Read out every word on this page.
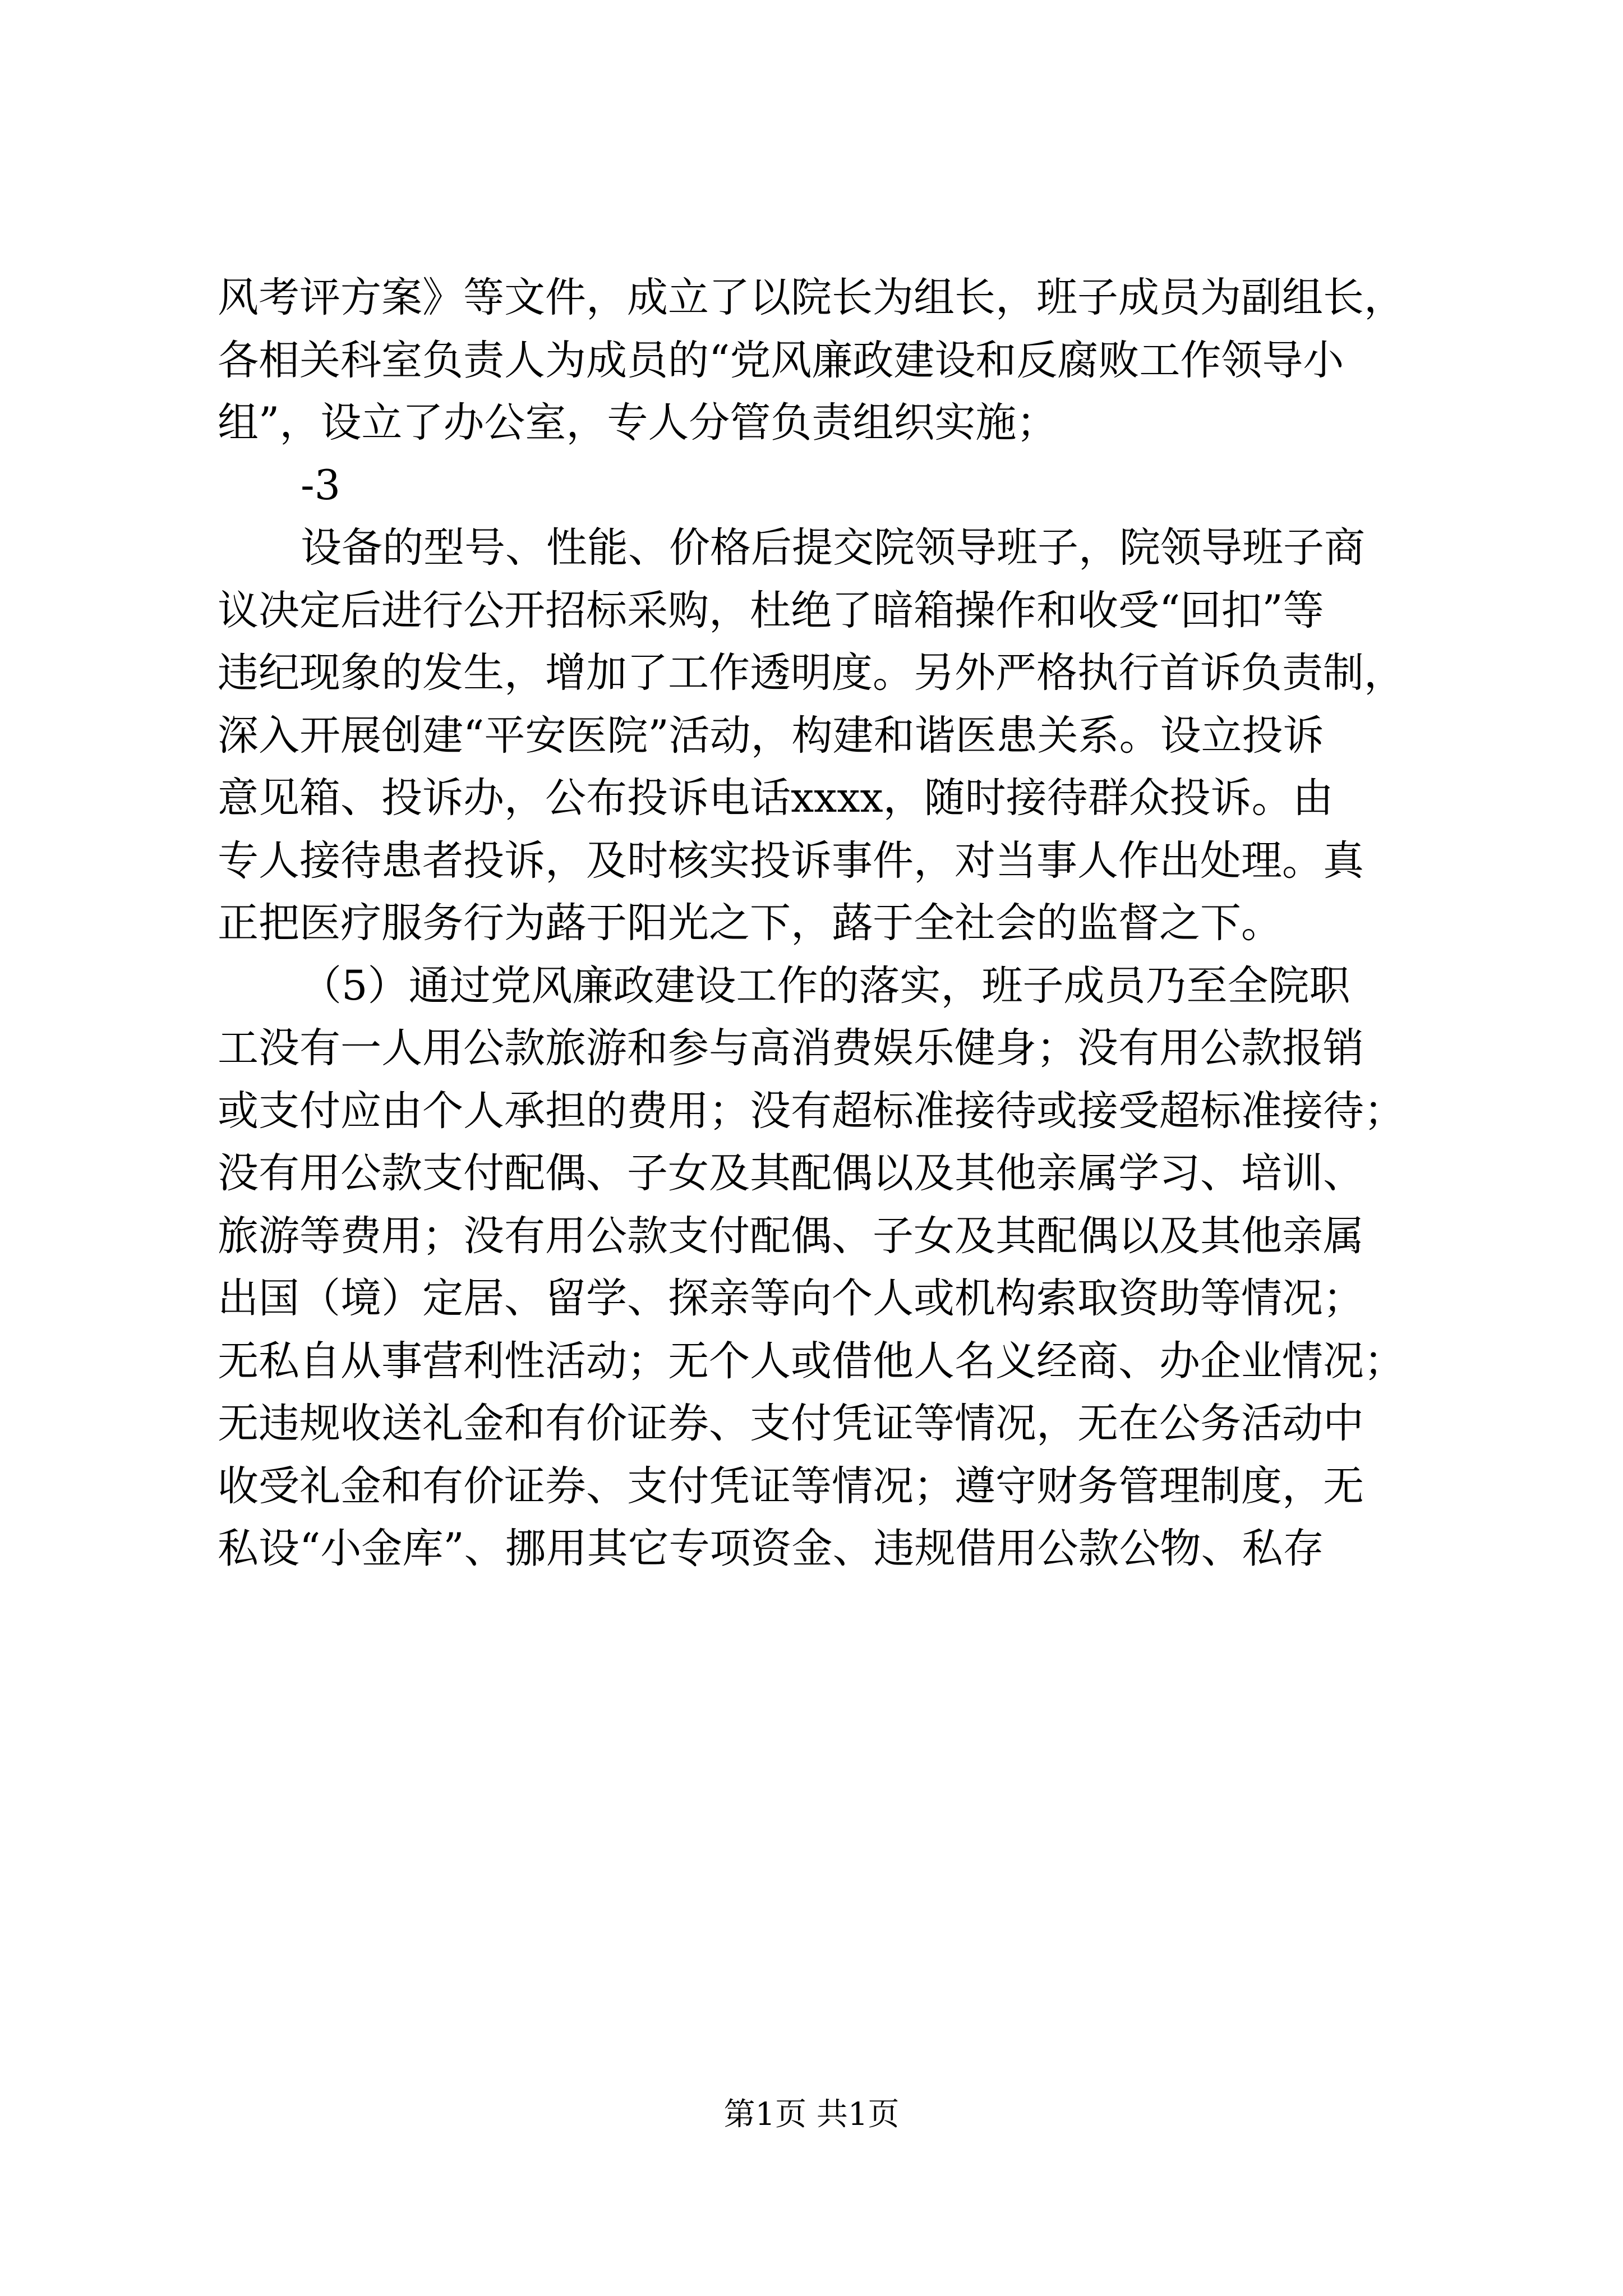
风考评方案》等文件，成立了以院长为组长，班子成员为副组长，
各相关科室负责人为成员的“党风廉政建设和反腐败工作领导小
组”，设立了办公室，专人分管负责组织实施；
-3
设备的型号、性能、价格后提交院领导班子，院领导班子商
议决定后进行公开招标采购，杜绝了暗箱操作和收受“回扣”等
违纪现象的发生，增加了工作透明度。另外严格执行首诉负责制，
深入开展创建“平安医院”活动，构建和谐医患关系。设立投诉
意见箱、投诉办，公布投诉电话xxxx，随时接待群众投诉。由
专人接待患者投诉，及时核实投诉事件，对当事人作出处理。真
正把医疗服务行为蕗于阳光之下，蕗于全社会的监督之下。
（5）通过党风廉政建设工作的落实，班子成员乃至全院职
工没有一人用公款旅游和参与高消费娱乐健身；没有用公款报销
或支付应由个人承担的费用；没有超标准接待或接受超标准接待；
没有用公款支付配偶、子女及其配偶以及其他亲属学习、培训、
旅游等费用；没有用公款支付配偶、子女及其配偶以及其他亲属
出国（境）定居、留学、探亲等向个人或机构索取资助等情况；
无私自从事营利性活动；无个人或借他人名义经商、办企业情况；
无违规收送礼金和有价证券、支付凭证等情况，无在公务活动中
收受礼金和有价证券、支付凭证等情况；遵守财务管理制度，无
私设“小金库”、挪用其它专项资金、违规借用公款公物、私存
第1页 共1页
